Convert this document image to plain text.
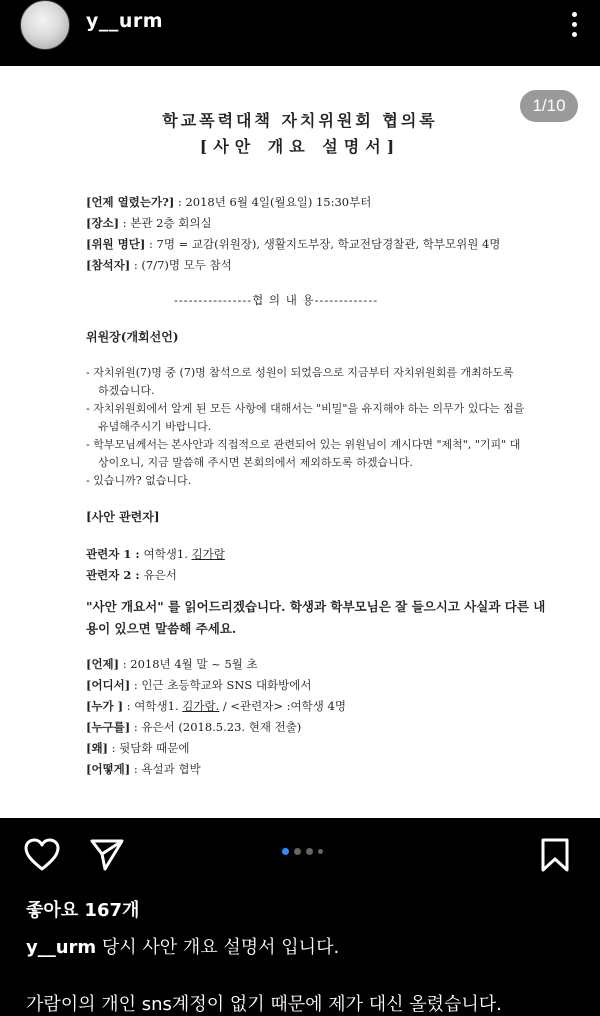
y__urm
1/10
학교폭력대책 자치위원회 협의록
[사안 개요 설명서]
[언제 열렸는가?] : 2018년 6월 4일(월요일) 15:30부터
[장소] : 본관 2층 회의실
[위원 명단] : 7명 = 교감(위원장), 생활지도부장, 학교전담경찰관, 학부모위원 4명
[참석자] : (7/7)명 모두 참석
----------------협 의 내 용-------------
위원장(개회선언)
- 자치위원(7)명 중 (7)명 참석으로 성원이 되었음으로 지금부터 자치위원회를 개최하도록 하겠습니다.
- 자치위원회에서 알게 된 모든 사항에 대해서는 "비밀"을 유지해야 하는 의무가 있다는 점을 유념해주시기 바랍니다.
- 학부모님께서는 본사안과 직접적으로 관련되어 있는 위원님이 계시다면 "제척", "기피" 대상이오니, 지금 말씀해 주시면 본회의에서 제외하도록 하겠습니다.
- 있습니까? 없습니다.
[사안 관련자]
관련자 1 : 여학생1. 김가람
관련자 2 : 유은서
"사안 개요서" 를 읽어드리겠습니다. 학생과 학부모님은 잘 들으시고 사실과 다른 내용이 있으면 말씀해 주세요.
[언제] : 2018년 4월 말 ~ 5월 초
[어디서] : 인근 초등학교와 SNS 대화방에서
[누가 ] : 여학생1. 김가람. / <관련자> :여학생 4명
[누구를] : 유은서 (2018.5.23. 현재 전출)
[왜] : 뒷담화 때문에
[어떻게] : 욕설과 협박
좋아요 167개
y__urm 당시 사안 개요 설명서 입니다.
가람이의 개인 sns계정이 없기 때문에 제가 대신 올렸습니다.
